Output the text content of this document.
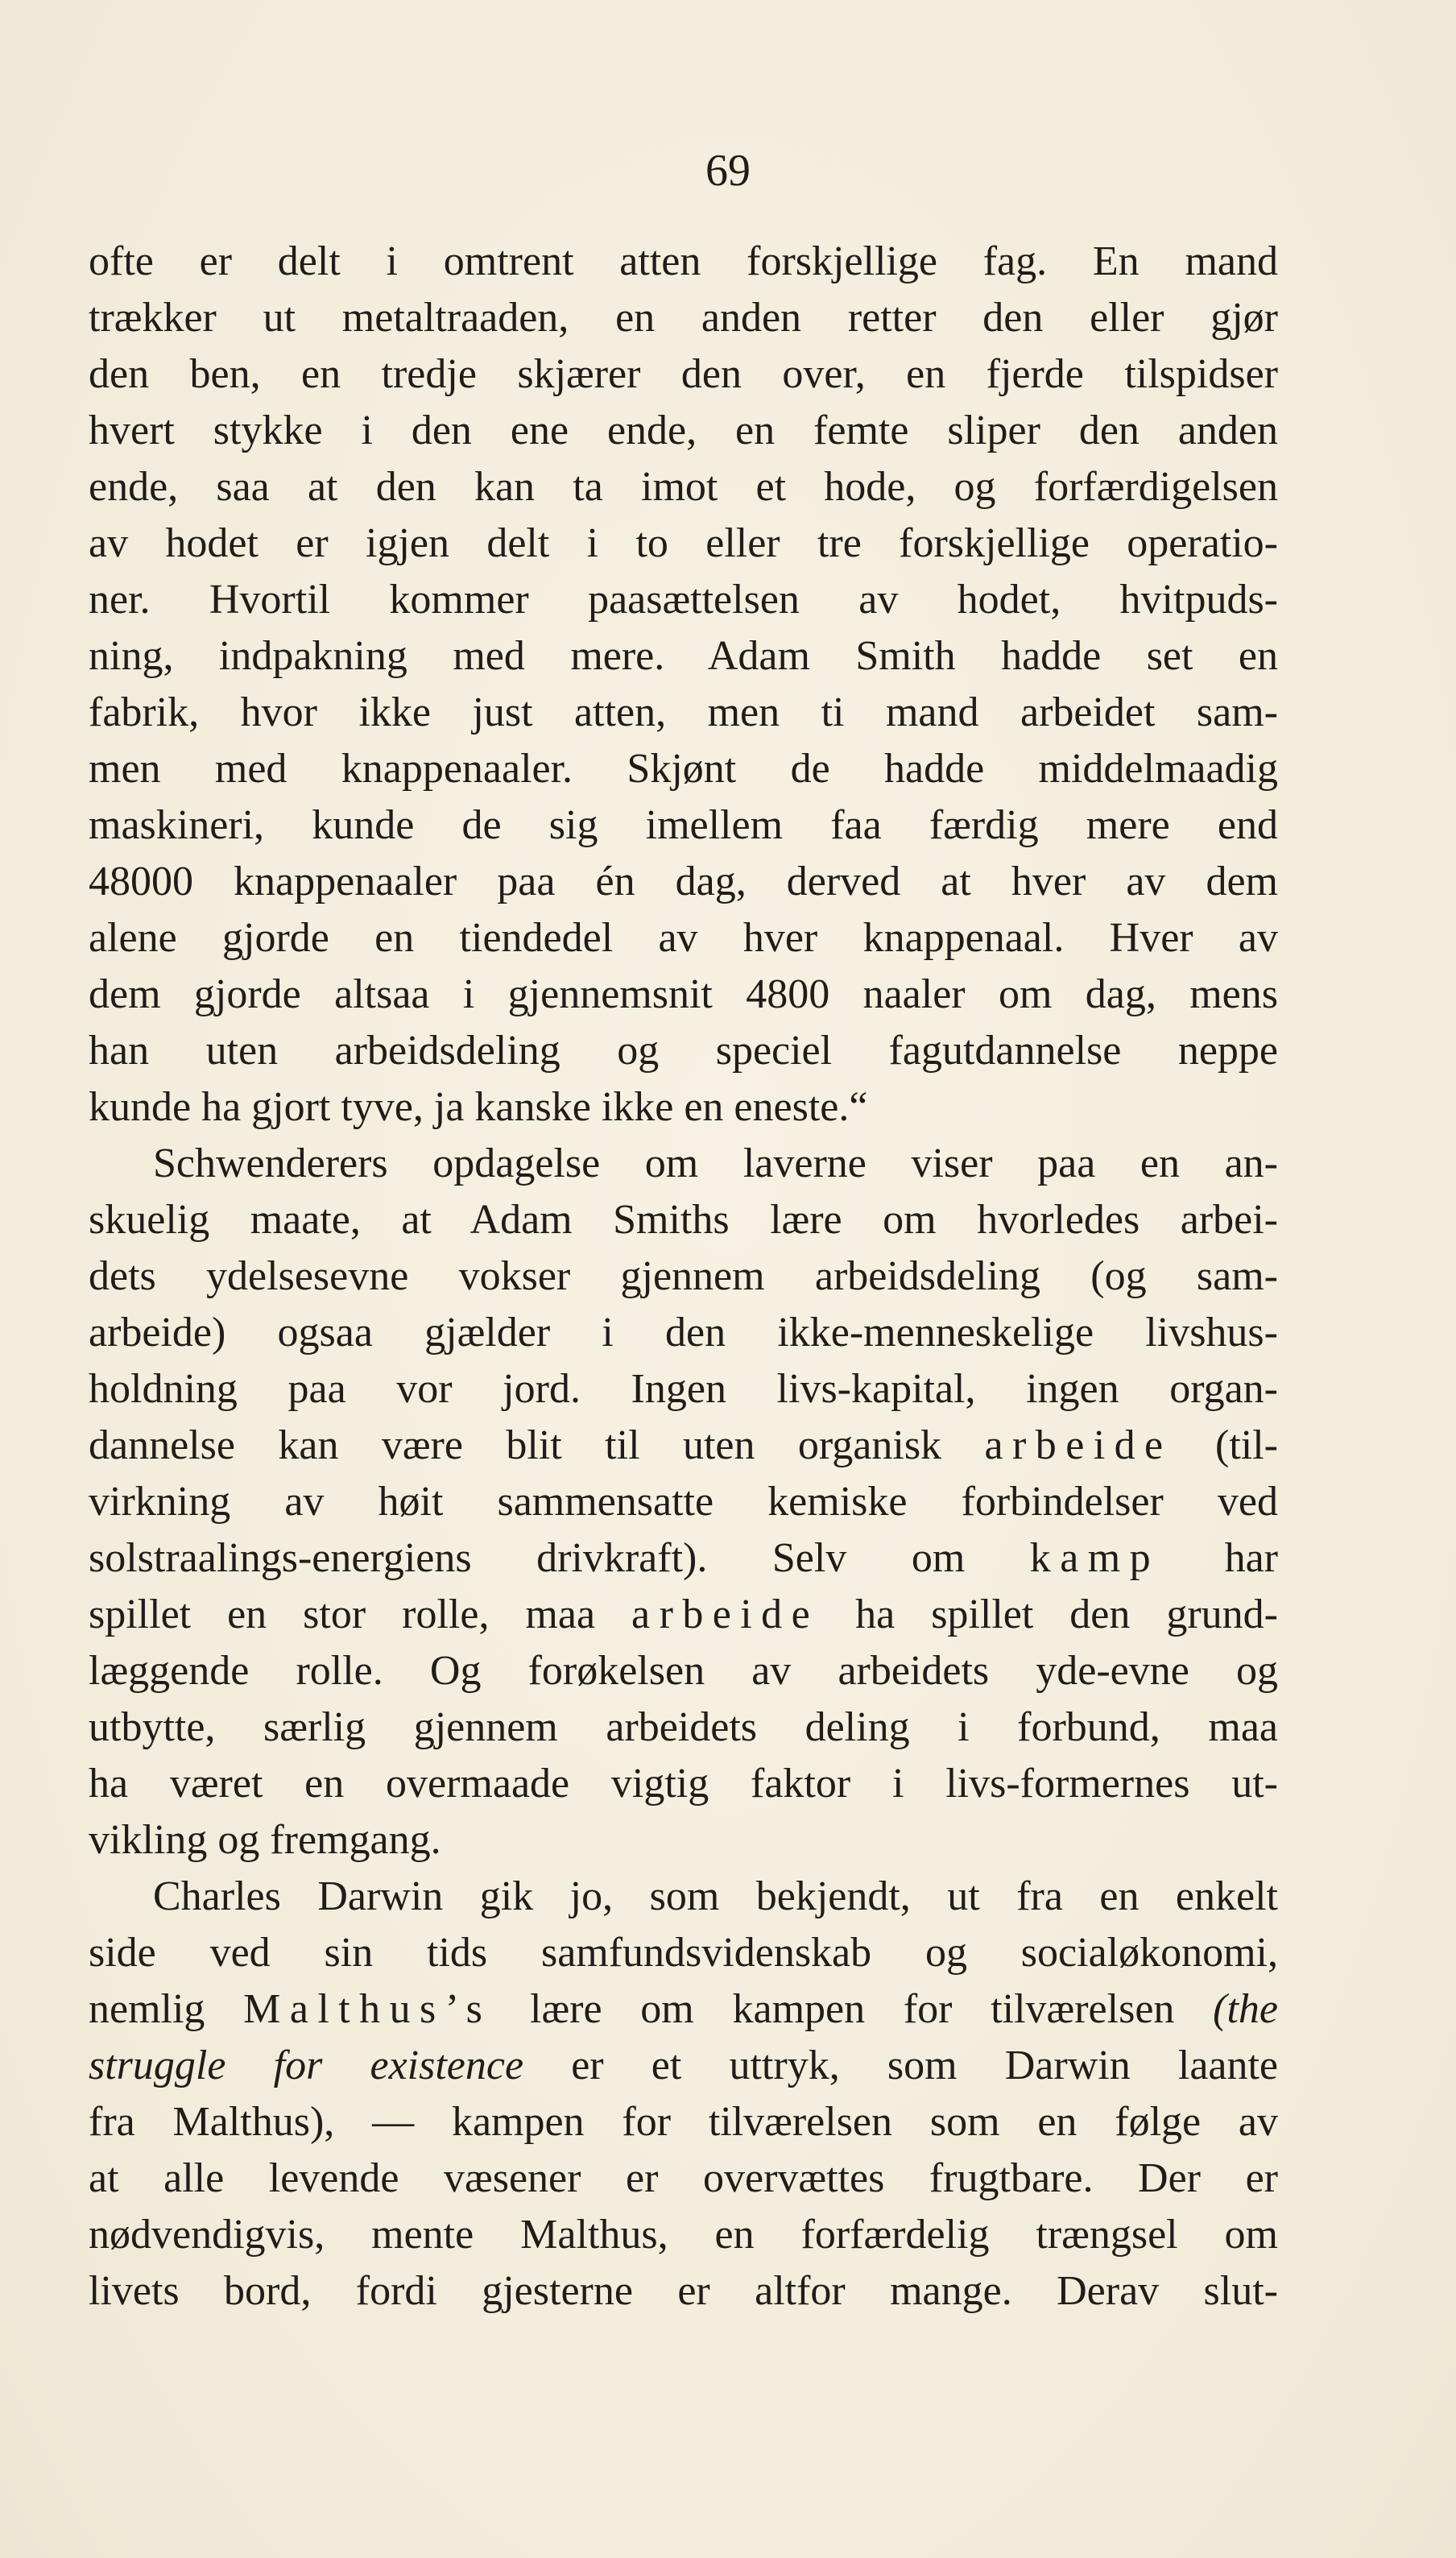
69
ofte er delt i omtrent atten forskjellige fag. En mand
trækker ut metaltraaden, en anden retter den eller gjør
den ben, en tredje skjærer den over, en fjerde tilspidser
hvert stykke i den ene ende, en femte sliper den anden
ende, saa at den kan ta imot et hode, og forfærdigelsen
av hodet er igjen delt i to eller tre forskjellige operatio-
ner. Hvortil kommer paasættelsen av hodet, hvitpuds-
ning, indpakning med mere. Adam Smith hadde set en
fabrik, hvor ikke just atten, men ti mand arbeidet sam-
men med knappenaaler. Skjønt de hadde middelmaadig
maskineri, kunde de sig imellem faa færdig mere end
48000 knappenaaler paa én dag, derved at hver av dem
alene gjorde en tiendedel av hver knappenaal. Hver av
dem gjorde altsaa i gjennemsnit 4800 naaler om dag, mens
han uten arbeidsdeling og speciel fagutdannelse neppe
kunde ha gjort tyve, ja kanske ikke en eneste.“
Schwenderers opdagelse om laverne viser paa en an-
skuelig maate, at Adam Smiths lære om hvorledes arbei-
dets ydelsesevne vokser gjennem arbeidsdeling (og sam-
arbeide) ogsaa gjælder i den ikke-menneskelige livshus-
holdning paa vor jord. Ingen livs-kapital, ingen organ-
dannelse kan være blit til uten organisk arbeide (til-
virkning av høit sammensatte kemiske forbindelser ved
solstraalings-energiens drivkraft). Selv om kamp har
spillet en stor rolle, maa arbeide ha spillet den grund-
læggende rolle. Og forøkelsen av arbeidets yde-evne og
utbytte, særlig gjennem arbeidets deling i forbund, maa
ha været en overmaade vigtig faktor i livs-formernes ut-
vikling og fremgang.
Charles Darwin gik jo, som bekjendt, ut fra en enkelt
side ved sin tids samfundsvidenskab og socialøkonomi,
nemlig Malthus’s lære om kampen for tilværelsen (the
struggle for existence er et uttryk, som Darwin laante
fra Malthus), — kampen for tilværelsen som en følge av
at alle levende væsener er overvættes frugtbare. Der er
nødvendigvis, mente Malthus, en forfærdelig trængsel om
livets bord, fordi gjesterne er altfor mange. Derav slut-
